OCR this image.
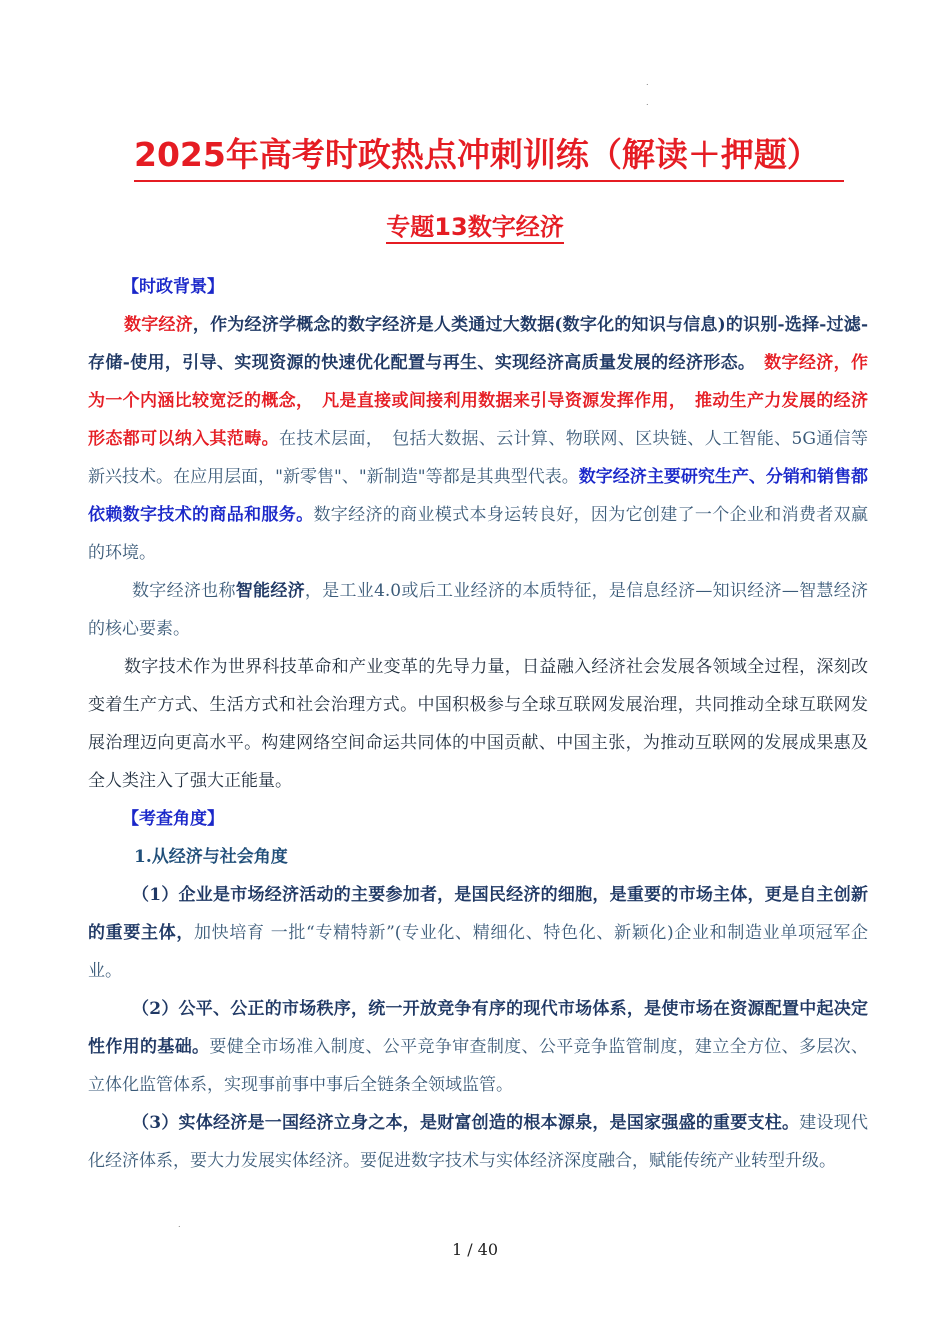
.
.
2025年高考时政热点冲刺训练（解读＋押题）
专题13数字经济

【时政背景】

数字经济，作为经济学概念的数字经济是人类通过大数据(数字化的知识与信息)的识别-选择-过滤-存储-使用，引导、实现资源的快速优化配置与再生、实现经济高质量发展的经济形态。　数字经济，作为一个内涵比较宽泛的概念，　凡是直接或间接利用数据来引导资源发挥作用，　推动生产力发展的经济形态都可以纳入其范畴。在技术层面，　包括大数据、云计算、物联网、区块链、人工智能、5G通信等新兴技术。在应用层面，"新零售"、"新制造"等都是其典型代表。数字经济主要研究生产、分销和销售都依赖数字技术的商品和服务。数字经济的商业模式本身运转良好，因为它创建了一个企业和消费者双赢的环境。

数字经济也称智能经济，是工业4.0或后工业经济的本质特征，是信息经济—知识经济—智慧经济的核心要素。

数字技术作为世界科技革命和产业变革的先导力量，日益融入经济社会发展各领域全过程，深刻改变着生产方式、生活方式和社会治理方式。中国积极参与全球互联网发展治理，共同推动全球互联网发展治理迈向更高水平。构建网络空间命运共同体的中国贡献、中国主张，为推动互联网的发展成果惠及全人类注入了强大正能量。

【考查角度】

1.从经济与社会角度

（1）企业是市场经济活动的主要参加者，是国民经济的细胞，是重要的市场主体，更是自主创新的重要主体，加快培育 一批“专精特新”(专业化、精细化、特色化、新颖化)企业和制造业单项冠军企业。

（2）公平、公正的市场秩序，统一开放竞争有序的现代市场体系，是使市场在资源配置中起决定性作用的基础。要健全市场准入制度、公平竞争审查制度、公平竞争监管制度，建立全方位、多层次、立体化监管体系，实现事前事中事后全链条全领域监管。

（3）实体经济是一国经济立身之本，是财富创造的根本源泉，是国家强盛的重要支柱。建设现代化经济体系，要大力发展实体经济。要促进数字技术与实体经济深度融合，赋能传统产业转型升级。

.
1 / 40
